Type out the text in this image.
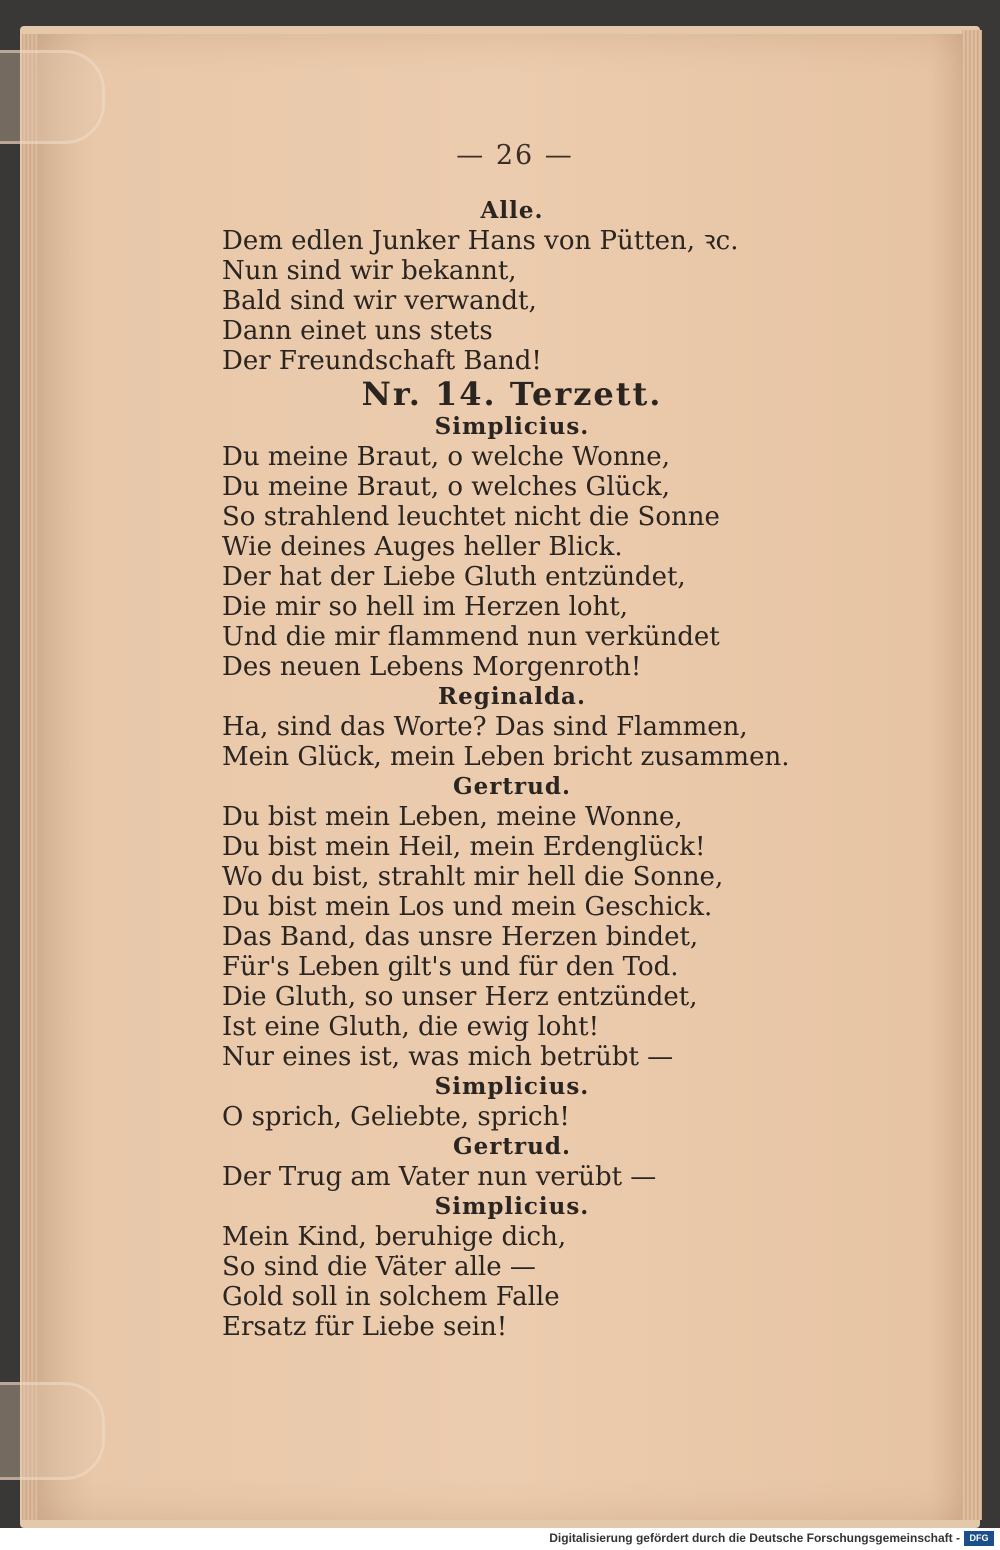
— 26 —
Alle.
Dem edlen Junker Hans von Pütten, ꝛc.
Nun sind wir bekannt,
Bald sind wir verwandt,
Dann einet uns stets
Der Freundschaft Band!
Nr. 14. Terzett.
Simplicius.
Du meine Braut, o welche Wonne,
Du meine Braut, o welches Glück,
So strahlend leuchtet nicht die Sonne
Wie deines Auges heller Blick.
Der hat der Liebe Gluth entzündet,
Die mir so hell im Herzen loht,
Und die mir flammend nun verkündet
Des neuen Lebens Morgenroth!
Reginalda.
Ha, sind das Worte? Das sind Flammen,
Mein Glück, mein Leben bricht zusammen.
Gertrud.
Du bist mein Leben, meine Wonne,
Du bist mein Heil, mein Erdenglück!
Wo du bist, strahlt mir hell die Sonne,
Du bist mein Los und mein Geschick.
Das Band, das unsre Herzen bindet,
Für's Leben gilt's und für den Tod.
Die Gluth, so unser Herz entzündet,
Ist eine Gluth, die ewig loht!
Nur eines ist, was mich betrübt —
Simplicius.
O sprich, Geliebte, sprich!
Gertrud.
Der Trug am Vater nun verübt —
Simplicius.
Mein Kind, beruhige dich,
So sind die Väter alle —
Gold soll in solchem Falle
Ersatz für Liebe sein!
Digitalisierung gefördert durch die Deutsche Forschungsgemeinschaft -	DFG
